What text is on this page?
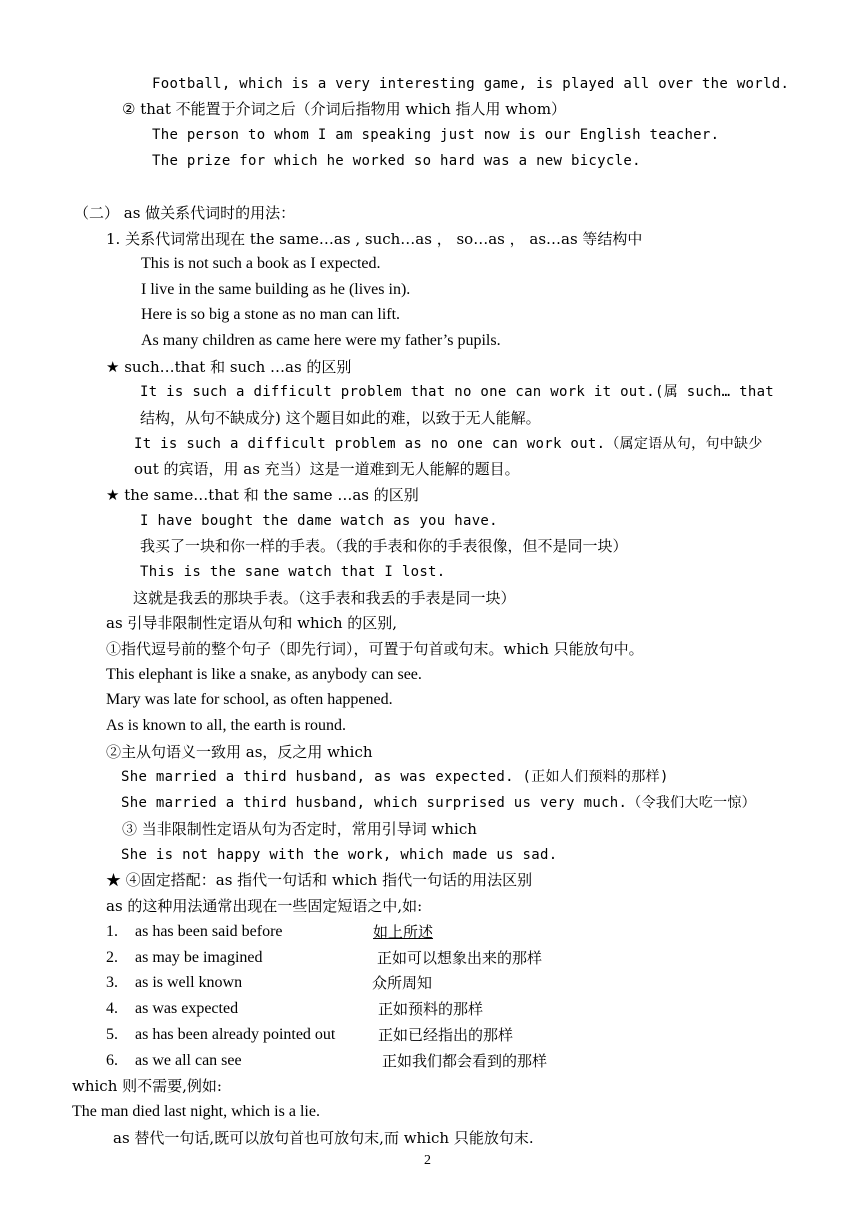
Football, which is a very interesting game, is played all over the world.
② that 不能置于介词之后（介词后指物用 which 指人用 whom）
The person to whom I am speaking just now is our English teacher.
The prize for which he worked so hard was a new bicycle.
（二） as 做关系代词时的用法：
1. 关系代词常出现在 the same…as , such…as ， so…as ， as…as 等结构中
This is not such a book as I expected.
I live in the same building as he (lives in).
Here is so big a stone as no man can lift.
As many children as came here were my father’s pupils.
★ such…that 和 such …as 的区别
It is such a difficult problem that no one can work it out.(属 such… that
结构，从句不缺成分) 这个题目如此的难，以致于无人能解。
It is such a difficult problem as no one can work out.（属定语从句，句中缺少
out 的宾语，用 as 充当）这是一道难到无人能解的题目。
★ the same…that 和 the same …as 的区别
I have bought the dame watch as you have.
我买了一块和你一样的手表。（我的手表和你的手表很像，但不是同一块）
This is the sane watch that I lost.
这就是我丢的那块手表。（这手表和我丢的手表是同一块）
as 引导非限制性定语从句和 which 的区别,
①指代逗号前的整个句子（即先行词），可置于句首或句末。which 只能放句中。
This elephant is like a snake, as anybody can see.
Mary was late for school, as often happened.
As is known to all, the earth is round.
②主从句语义一致用 as，反之用 which
She married a third husband, as was expected. (正如人们预料的那样)
She married a third husband, which surprised us very much.（令我们大吃一惊）
③ 当非限制性定语从句为否定时，常用引导词 which
She is not happy with the work, which made us sad.
★ ④固定搭配：as 指代一句话和 which 指代一句话的用法区别
as 的这种用法通常出现在一些固定短语之中,如:
1. as has been said before	如上所述
2. as may be imagined	正如可以想象出来的那样
3. as is well known	众所周知
4. as was expected	正如预料的那样
5. as has been already pointed out	正如已经指出的那样
6. as we all can see	正如我们都会看到的那样
which 则不需要,例如:
The man died last night, which is a lie.
as 替代一句话,既可以放句首也可放句末,而 which 只能放句末.
2
